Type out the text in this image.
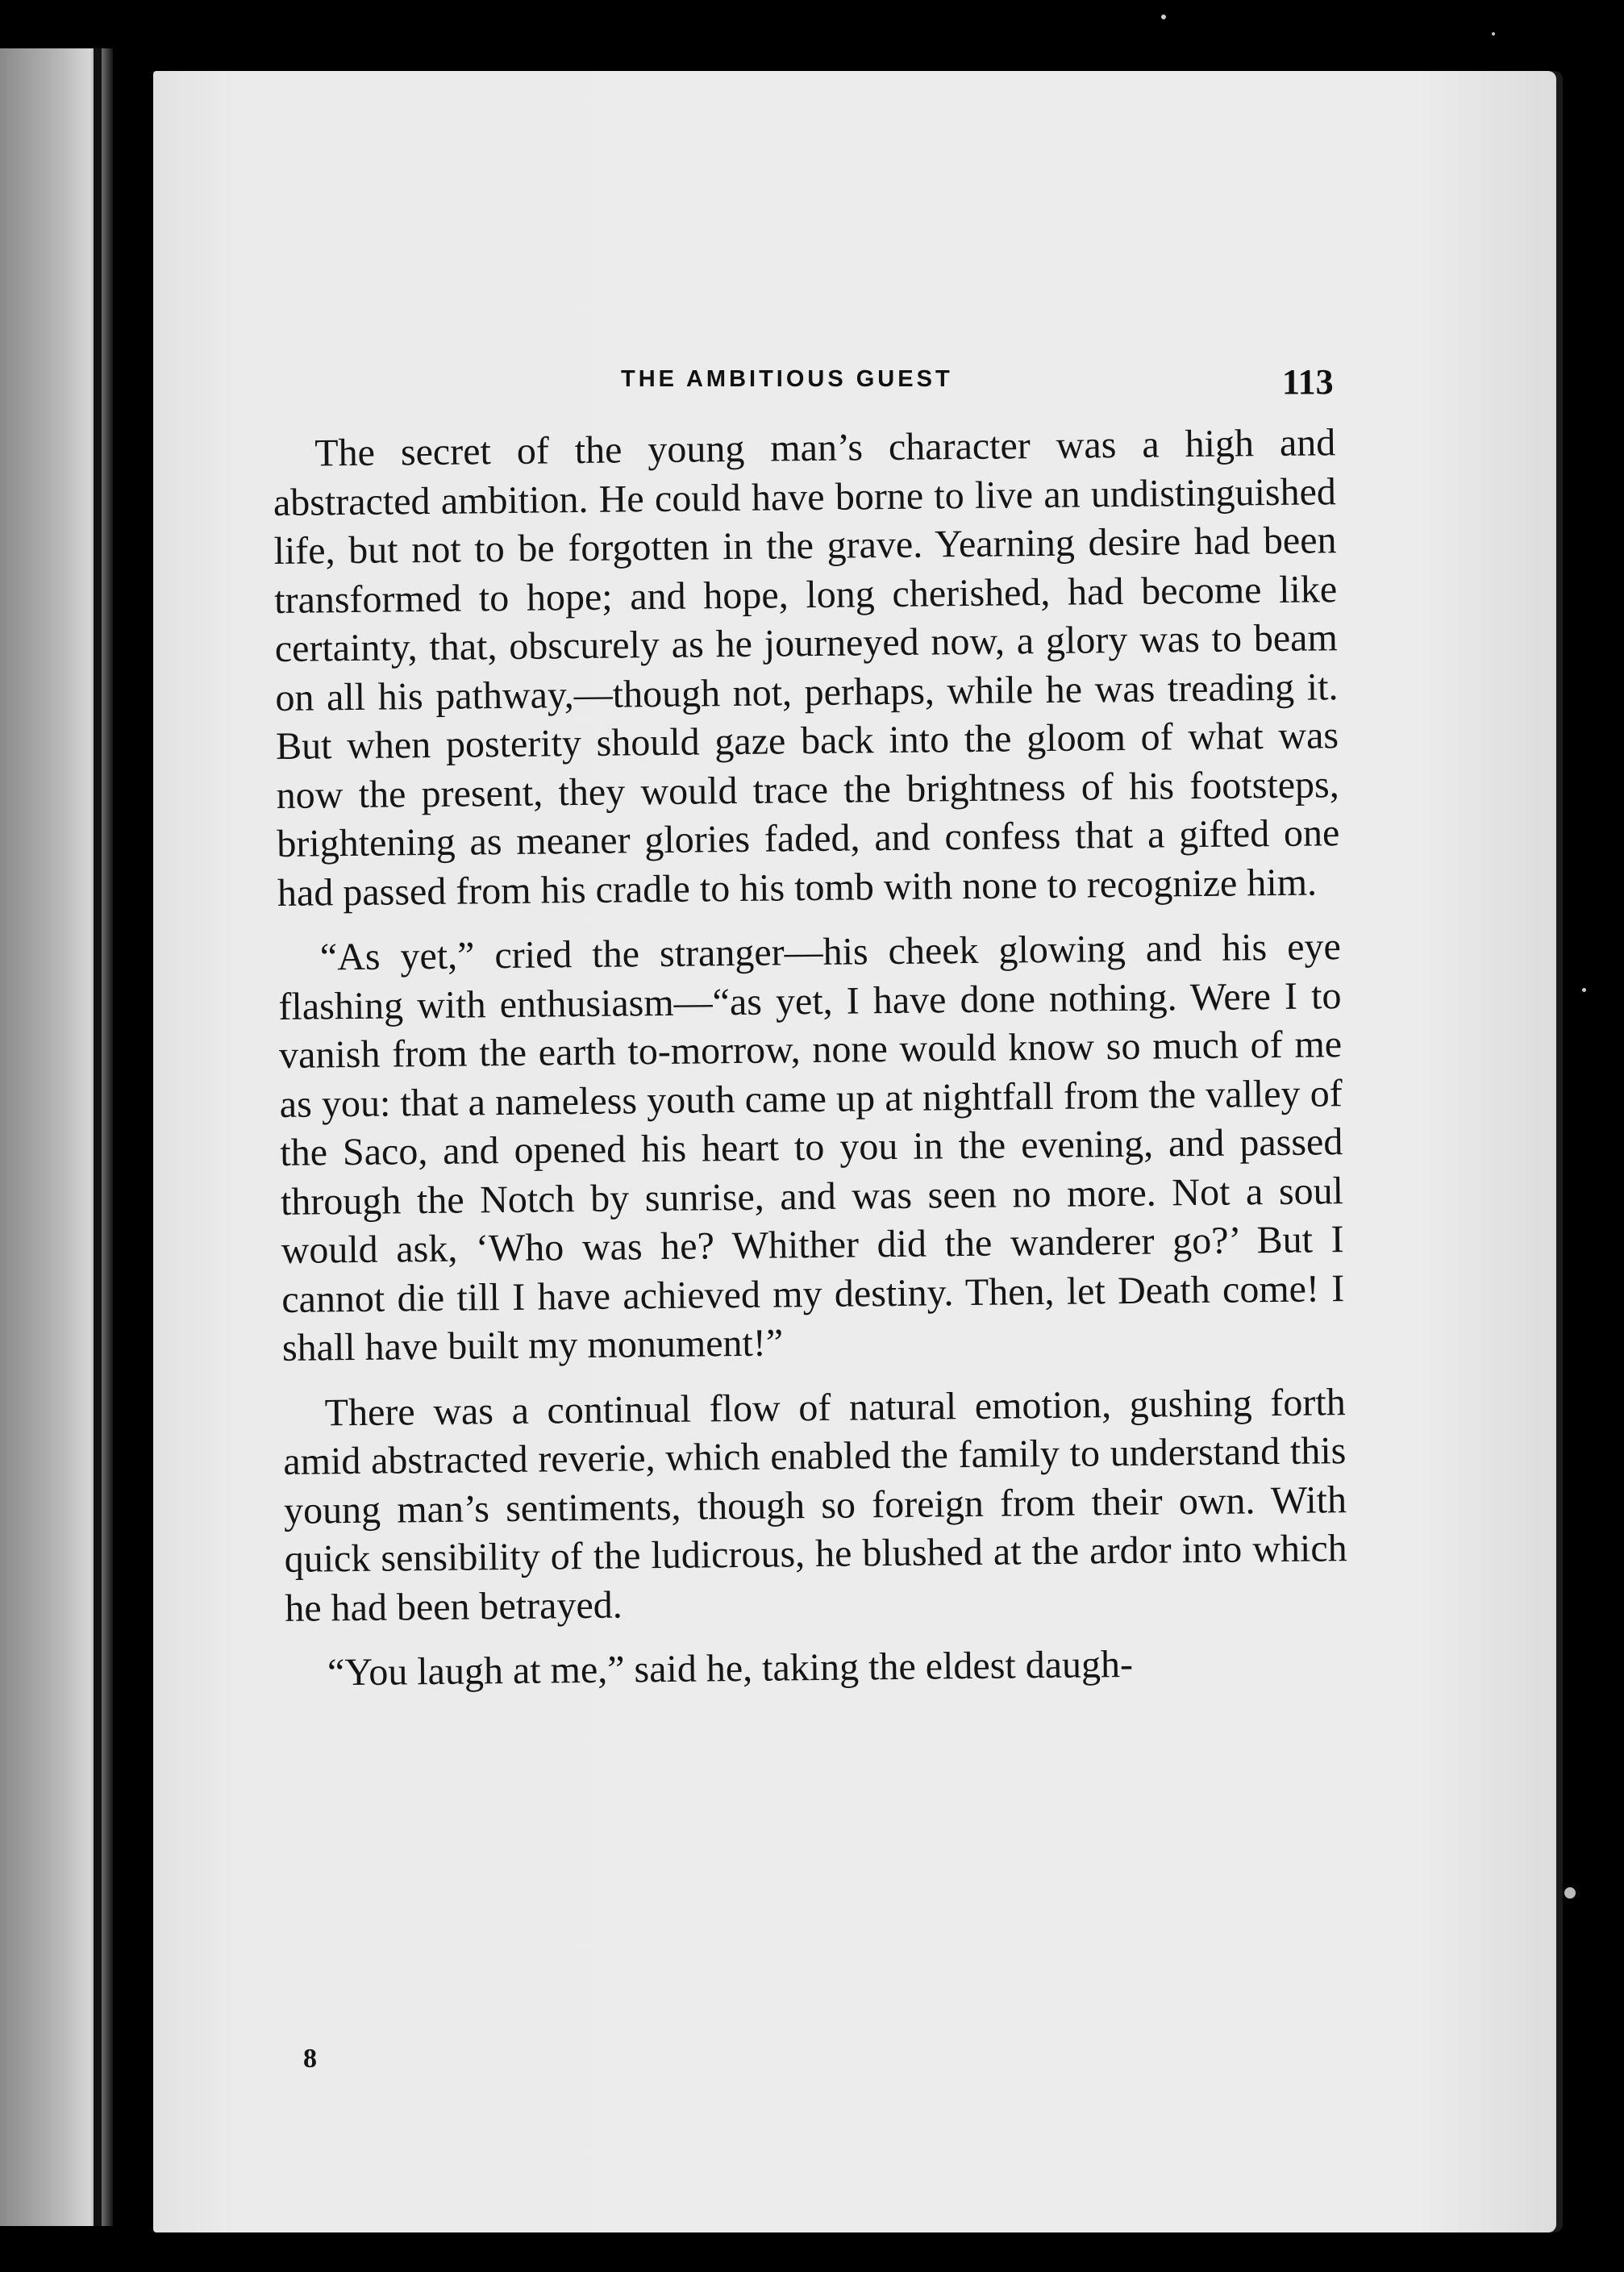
THE AMBITIOUS GUEST	113

The secret of the young man’s character was a high and abstracted ambition. He could have borne to live an undistinguished life, but not to be forgotten in the grave. Yearning desire had been transformed to hope; and hope, long cherished, had become like certainty, that, obscurely as he journeyed now, a glory was to beam on all his pathway,—though not, perhaps, while he was treading it. But when posterity should gaze back into the gloom of what was now the present, they would trace the brightness of his footsteps, brightening as meaner glories faded, and confess that a gifted one had passed from his cradle to his tomb with none to recognize him.

“As yet,” cried the stranger—his cheek glowing and his eye flashing with enthusiasm—“as yet, I have done nothing. Were I to vanish from the earth to-morrow, none would know so much of me as you: that a nameless youth came up at nightfall from the valley of the Saco, and opened his heart to you in the evening, and passed through the Notch by sunrise, and was seen no more. Not a soul would ask, ‘Who was he? Whither did the wanderer go?’ But I cannot die till I have achieved my destiny. Then, let Death come! I shall have built my monument!”

There was a continual flow of natural emotion, gushing forth amid abstracted reverie, which enabled the family to understand this young man’s sentiments, though so foreign from their own. With quick sensibility of the ludicrous, he blushed at the ardor into which he had been betrayed.

“You laugh at me,” said he, taking the eldest daugh-

8
